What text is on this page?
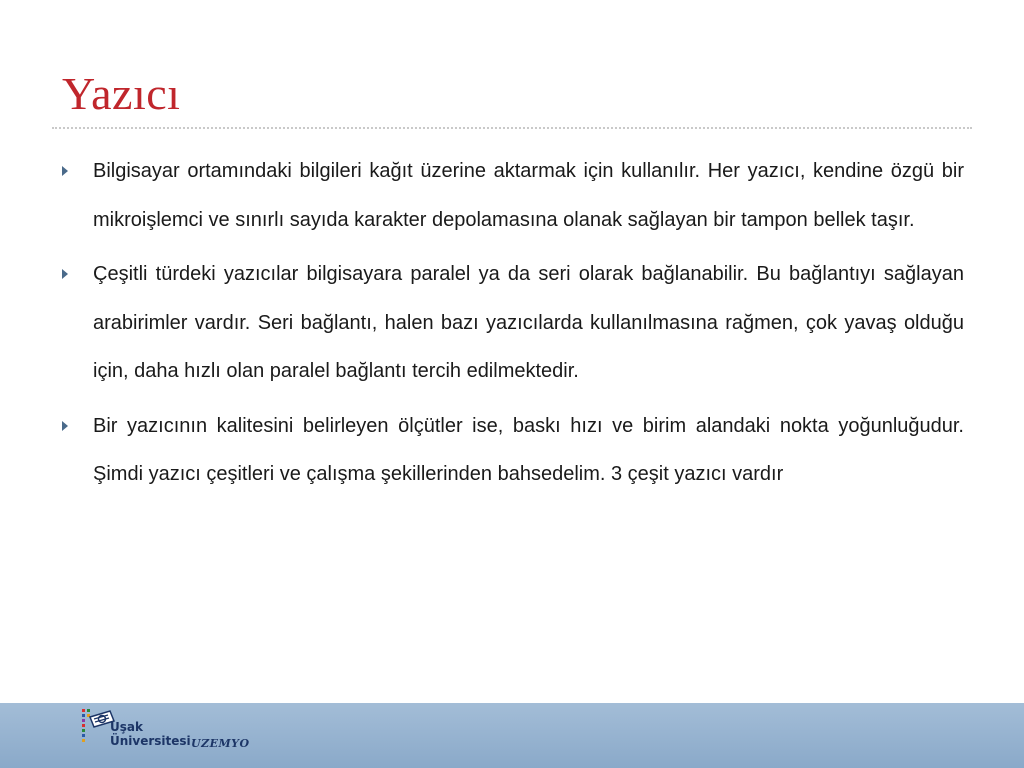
Yazıcı
Bilgisayar ortamındaki bilgileri kağıt üzerine aktarmak için kullanılır. Her yazıcı, kendine özgü bir mikroişlemci ve sınırlı sayıda karakter depolamasına olanak sağlayan bir tampon bellek taşır.
Çeşitli türdeki yazıcılar bilgisayara paralel ya da seri olarak bağlanabilir. Bu bağlantıyı sağlayan arabirimler vardır. Seri bağlantı, halen bazı yazıcılarda kullanılmasına rağmen, çok yavaş olduğu için, daha hızlı olan paralel bağlantı tercih edilmektedir.
Bir yazıcının kalitesini belirleyen ölçütler ise, baskı hızı ve birim alandaki nokta yoğunluğudur. Şimdi yazıcı çeşitleri ve çalışma şekillerinden bahsedelim. 3 çeşit yazıcı vardır

Uşak
Üniversitesi UZEMYO
